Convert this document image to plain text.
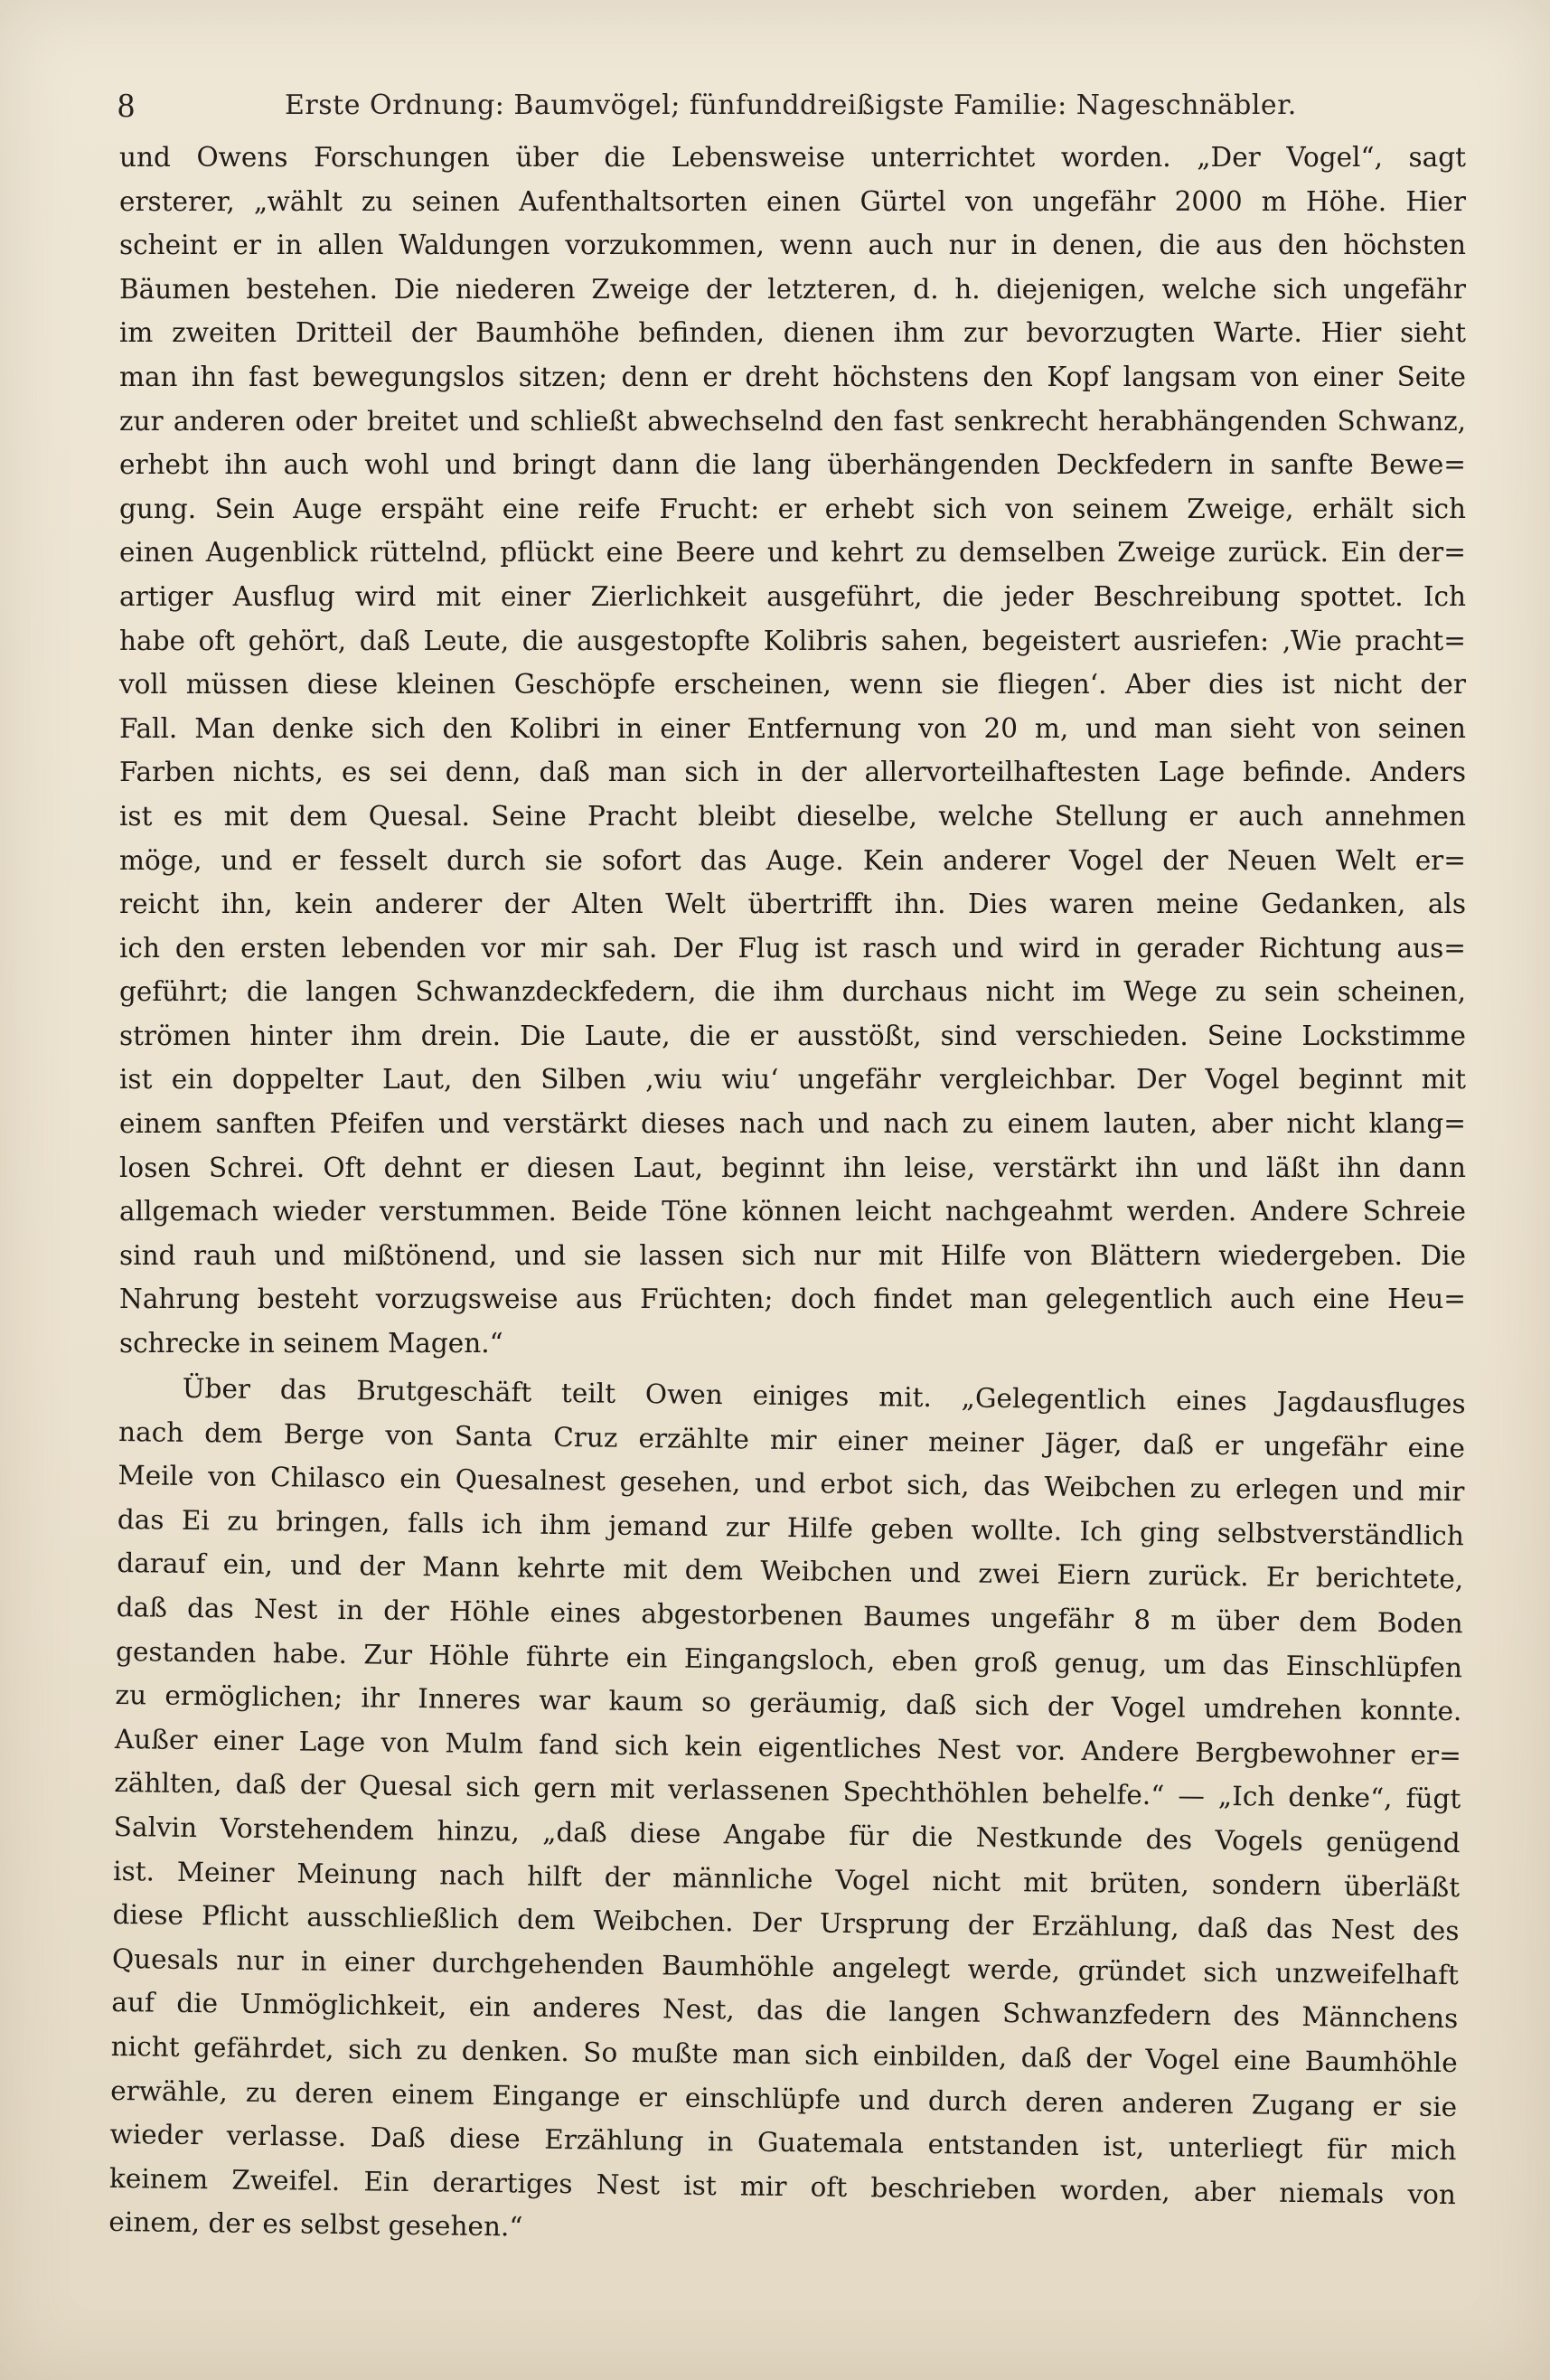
8	Erste Ordnung: Baumvögel; fünfunddreißigste Familie: Nageschnäbler.
und Owens Forschungen über die Lebensweise unterrichtet worden. „Der Vogel“, sagt
ersterer, „wählt zu seinen Aufenthaltsorten einen Gürtel von ungefähr 2000 m Höhe. Hier
scheint er in allen Waldungen vorzukommen, wenn auch nur in denen, die aus den höchsten
Bäumen bestehen. Die niederen Zweige der letzteren, d. h. diejenigen, welche sich ungefähr
im zweiten Dritteil der Baumhöhe befinden, dienen ihm zur bevorzugten Warte. Hier sieht
man ihn fast bewegungslos sitzen; denn er dreht höchstens den Kopf langsam von einer Seite
zur anderen oder breitet und schließt abwechselnd den fast senkrecht herabhängenden Schwanz,
erhebt ihn auch wohl und bringt dann die lang überhängenden Deckfedern in sanfte Bewe=
gung. Sein Auge erspäht eine reife Frucht: er erhebt sich von seinem Zweige, erhält sich
einen Augenblick rüttelnd, pflückt eine Beere und kehrt zu demselben Zweige zurück. Ein der=
artiger Ausflug wird mit einer Zierlichkeit ausgeführt, die jeder Beschreibung spottet. Ich
habe oft gehört, daß Leute, die ausgestopfte Kolibris sahen, begeistert ausriefen: ‚Wie pracht=
voll müssen diese kleinen Geschöpfe erscheinen, wenn sie fliegen‘. Aber dies ist nicht der
Fall. Man denke sich den Kolibri in einer Entfernung von 20 m, und man sieht von seinen
Farben nichts, es sei denn, daß man sich in der allervorteilhaftesten Lage befinde. Anders
ist es mit dem Quesal. Seine Pracht bleibt dieselbe, welche Stellung er auch annehmen
möge, und er fesselt durch sie sofort das Auge. Kein anderer Vogel der Neuen Welt er=
reicht ihn, kein anderer der Alten Welt übertrifft ihn. Dies waren meine Gedanken, als
ich den ersten lebenden vor mir sah. Der Flug ist rasch und wird in gerader Richtung aus=
geführt; die langen Schwanzdeckfedern, die ihm durchaus nicht im Wege zu sein scheinen,
strömen hinter ihm drein. Die Laute, die er ausstößt, sind verschieden. Seine Lockstimme
ist ein doppelter Laut, den Silben ‚wiu wiu‘ ungefähr vergleichbar. Der Vogel beginnt mit
einem sanften Pfeifen und verstärkt dieses nach und nach zu einem lauten, aber nicht klang=
losen Schrei. Oft dehnt er diesen Laut, beginnt ihn leise, verstärkt ihn und läßt ihn dann
allgemach wieder verstummen. Beide Töne können leicht nachgeahmt werden. Andere Schreie
sind rauh und mißtönend, und sie lassen sich nur mit Hilfe von Blättern wiedergeben. Die
Nahrung besteht vorzugsweise aus Früchten; doch findet man gelegentlich auch eine Heu=
schrecke in seinem Magen.“
Über das Brutgeschäft teilt Owen einiges mit. „Gelegentlich eines Jagdausfluges
nach dem Berge von Santa Cruz erzählte mir einer meiner Jäger, daß er ungefähr eine
Meile von Chilasco ein Quesalnest gesehen, und erbot sich, das Weibchen zu erlegen und mir
das Ei zu bringen, falls ich ihm jemand zur Hilfe geben wollte. Ich ging selbstverständlich
darauf ein, und der Mann kehrte mit dem Weibchen und zwei Eiern zurück. Er berichtete,
daß das Nest in der Höhle eines abgestorbenen Baumes ungefähr 8 m über dem Boden
gestanden habe. Zur Höhle führte ein Eingangsloch, eben groß genug, um das Einschlüpfen
zu ermöglichen; ihr Inneres war kaum so geräumig, daß sich der Vogel umdrehen konnte.
Außer einer Lage von Mulm fand sich kein eigentliches Nest vor. Andere Bergbewohner er=
zählten, daß der Quesal sich gern mit verlassenen Spechthöhlen behelfe.“ — „Ich denke“, fügt
Salvin Vorstehendem hinzu, „daß diese Angabe für die Nestkunde des Vogels genügend
ist. Meiner Meinung nach hilft der männliche Vogel nicht mit brüten, sondern überläßt
diese Pflicht ausschließlich dem Weibchen. Der Ursprung der Erzählung, daß das Nest des
Quesals nur in einer durchgehenden Baumhöhle angelegt werde, gründet sich unzweifelhaft
auf die Unmöglichkeit, ein anderes Nest, das die langen Schwanzfedern des Männchens
nicht gefährdet, sich zu denken. So mußte man sich einbilden, daß der Vogel eine Baumhöhle
erwähle, zu deren einem Eingange er einschlüpfe und durch deren anderen Zugang er sie
wieder verlasse. Daß diese Erzählung in Guatemala entstanden ist, unterliegt für mich
keinem Zweifel. Ein derartiges Nest ist mir oft beschrieben worden, aber niemals von
einem, der es selbst gesehen.“
